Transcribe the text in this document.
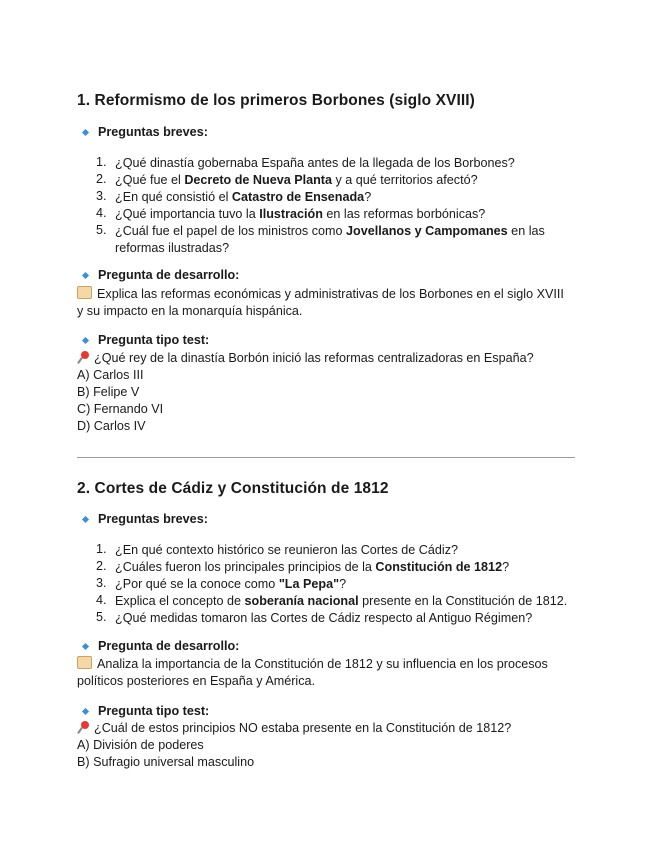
1. Reformismo de los primeros Borbones (siglo XVIII)
Preguntas breves:
1. ¿Qué dinastía gobernaba España antes de la llegada de los Borbones?
2. ¿Qué fue el Decreto de Nueva Planta y a qué territorios afectó?
3. ¿En qué consistió el Catastro de Ensenada?
4. ¿Qué importancia tuvo la Ilustración en las reformas borbónicas?
5. ¿Cuál fue el papel de los ministros como Jovellanos y Campomanes en las
reformas ilustradas?
Pregunta de desarrollo:
Explica las reformas económicas y administrativas de los Borbones en el siglo XVIII
y su impacto en la monarquía hispánica.
Pregunta tipo test:
¿Qué rey de la dinastía Borbón inició las reformas centralizadoras en España?
A) Carlos III
B) Felipe V
C) Fernando VI
D) Carlos IV
2. Cortes de Cádiz y Constitución de 1812
Preguntas breves:
1. ¿En qué contexto histórico se reunieron las Cortes de Cádiz?
2. ¿Cuáles fueron los principales principios de la Constitución de 1812?
3. ¿Por qué se la conoce como "La Pepa"?
4. Explica el concepto de soberanía nacional presente en la Constitución de 1812.
5. ¿Qué medidas tomaron las Cortes de Cádiz respecto al Antiguo Régimen?
Pregunta de desarrollo:
Analiza la importancia de la Constitución de 1812 y su influencia en los procesos
políticos posteriores en España y América.
Pregunta tipo test:
¿Cuál de estos principios NO estaba presente en la Constitución de 1812?
A) División de poderes
B) Sufragio universal masculino
